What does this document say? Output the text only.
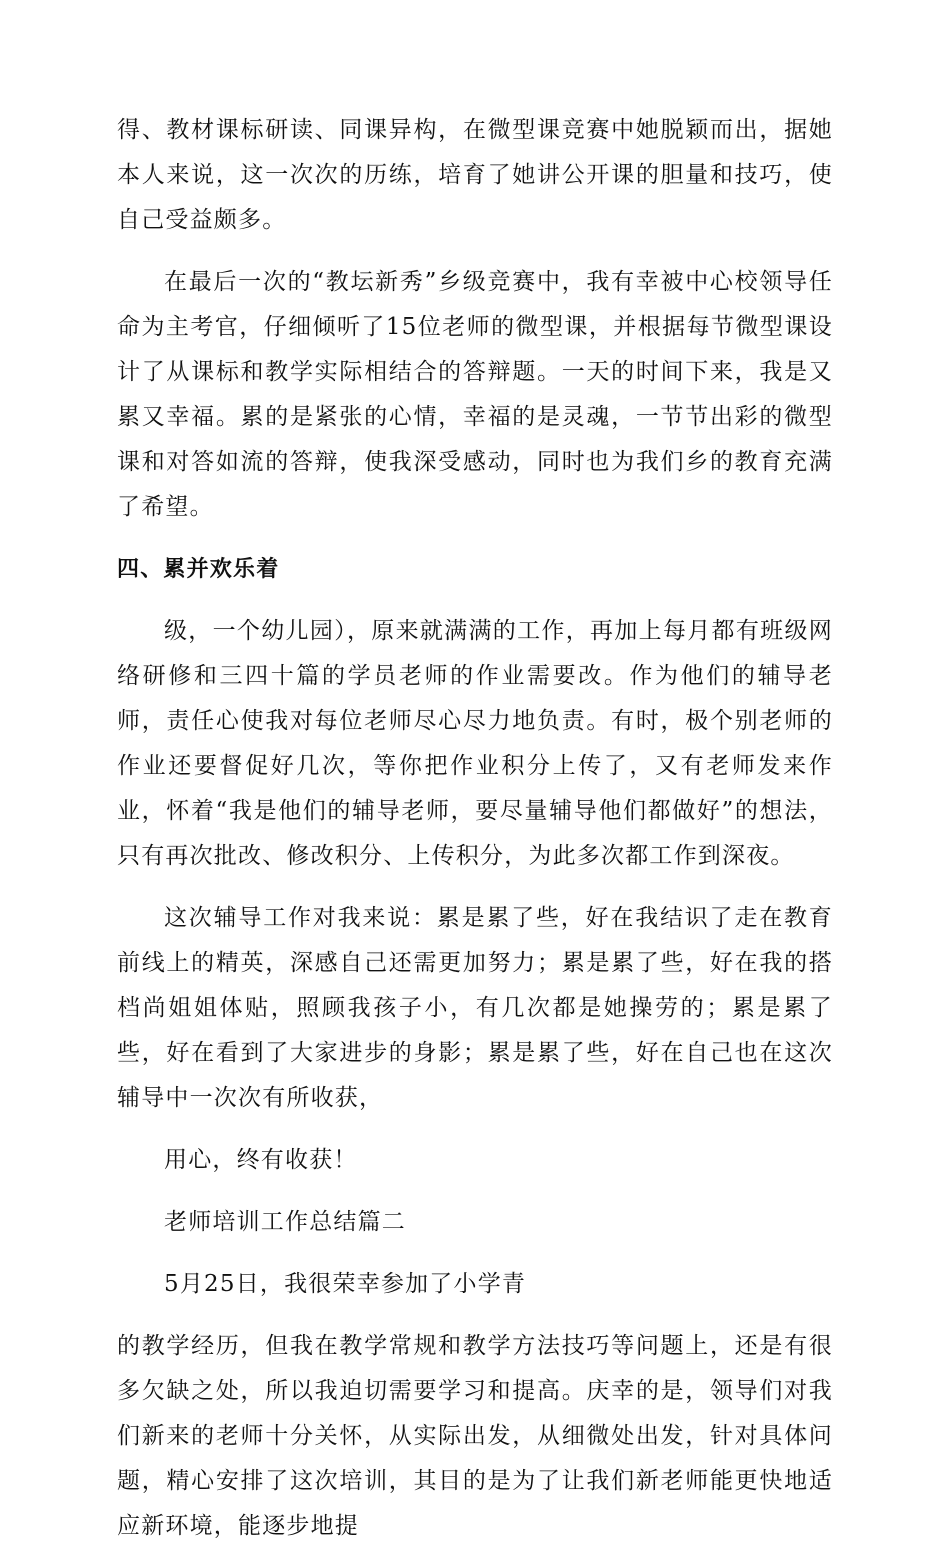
得、教材课标研读、同课异构，在微型课竞赛中她脱颖而出，据她本人来说，这一次次的历练，培育了她讲公开课的胆量和技巧，使自己受益颇多。

在最后一次的“教坛新秀”乡级竞赛中，我有幸被中心校领导任命为主考官，仔细倾听了15位老师的微型课，并根据每节微型课设计了从课标和教学实际相结合的答辩题。一天的时间下来，我是又累又幸福。累的是紧张的心情，幸福的是灵魂，一节节出彩的微型课和对答如流的答辩，使我深受感动，同时也为我们乡的教育充满了希望。

四、累并欢乐着

级，一个幼儿园），原来就满满的工作，再加上每月都有班级网络研修和三四十篇的学员老师的作业需要改。作为他们的辅导老师，责任心使我对每位老师尽心尽力地负责。有时，极个别老师的作业还要督促好几次，等你把作业积分上传了，又有老师发来作业，怀着“我是他们的辅导老师，要尽量辅导他们都做好”的想法，只有再次批改、修改积分、上传积分，为此多次都工作到深夜。

这次辅导工作对我来说：累是累了些，好在我结识了走在教育前线上的精英，深感自己还需更加努力；累是累了些，好在我的搭档尚姐姐体贴，照顾我孩子小，有几次都是她操劳的；累是累了些，好在看到了大家进步的身影；累是累了些，好在自己也在这次辅导中一次次有所收获，

用心，终有收获！

老师培训工作总结篇二

5月25日，我很荣幸参加了小学青

的教学经历，但我在教学常规和教学方法技巧等问题上，还是有很多欠缺之处，所以我迫切需要学习和提高。庆幸的是，领导们对我们新来的老师十分关怀，从实际出发，从细微处出发，针对具体问题，精心安排了这次培训，其目的是为了让我们新老师能更快地适应新环境，能逐步地提
